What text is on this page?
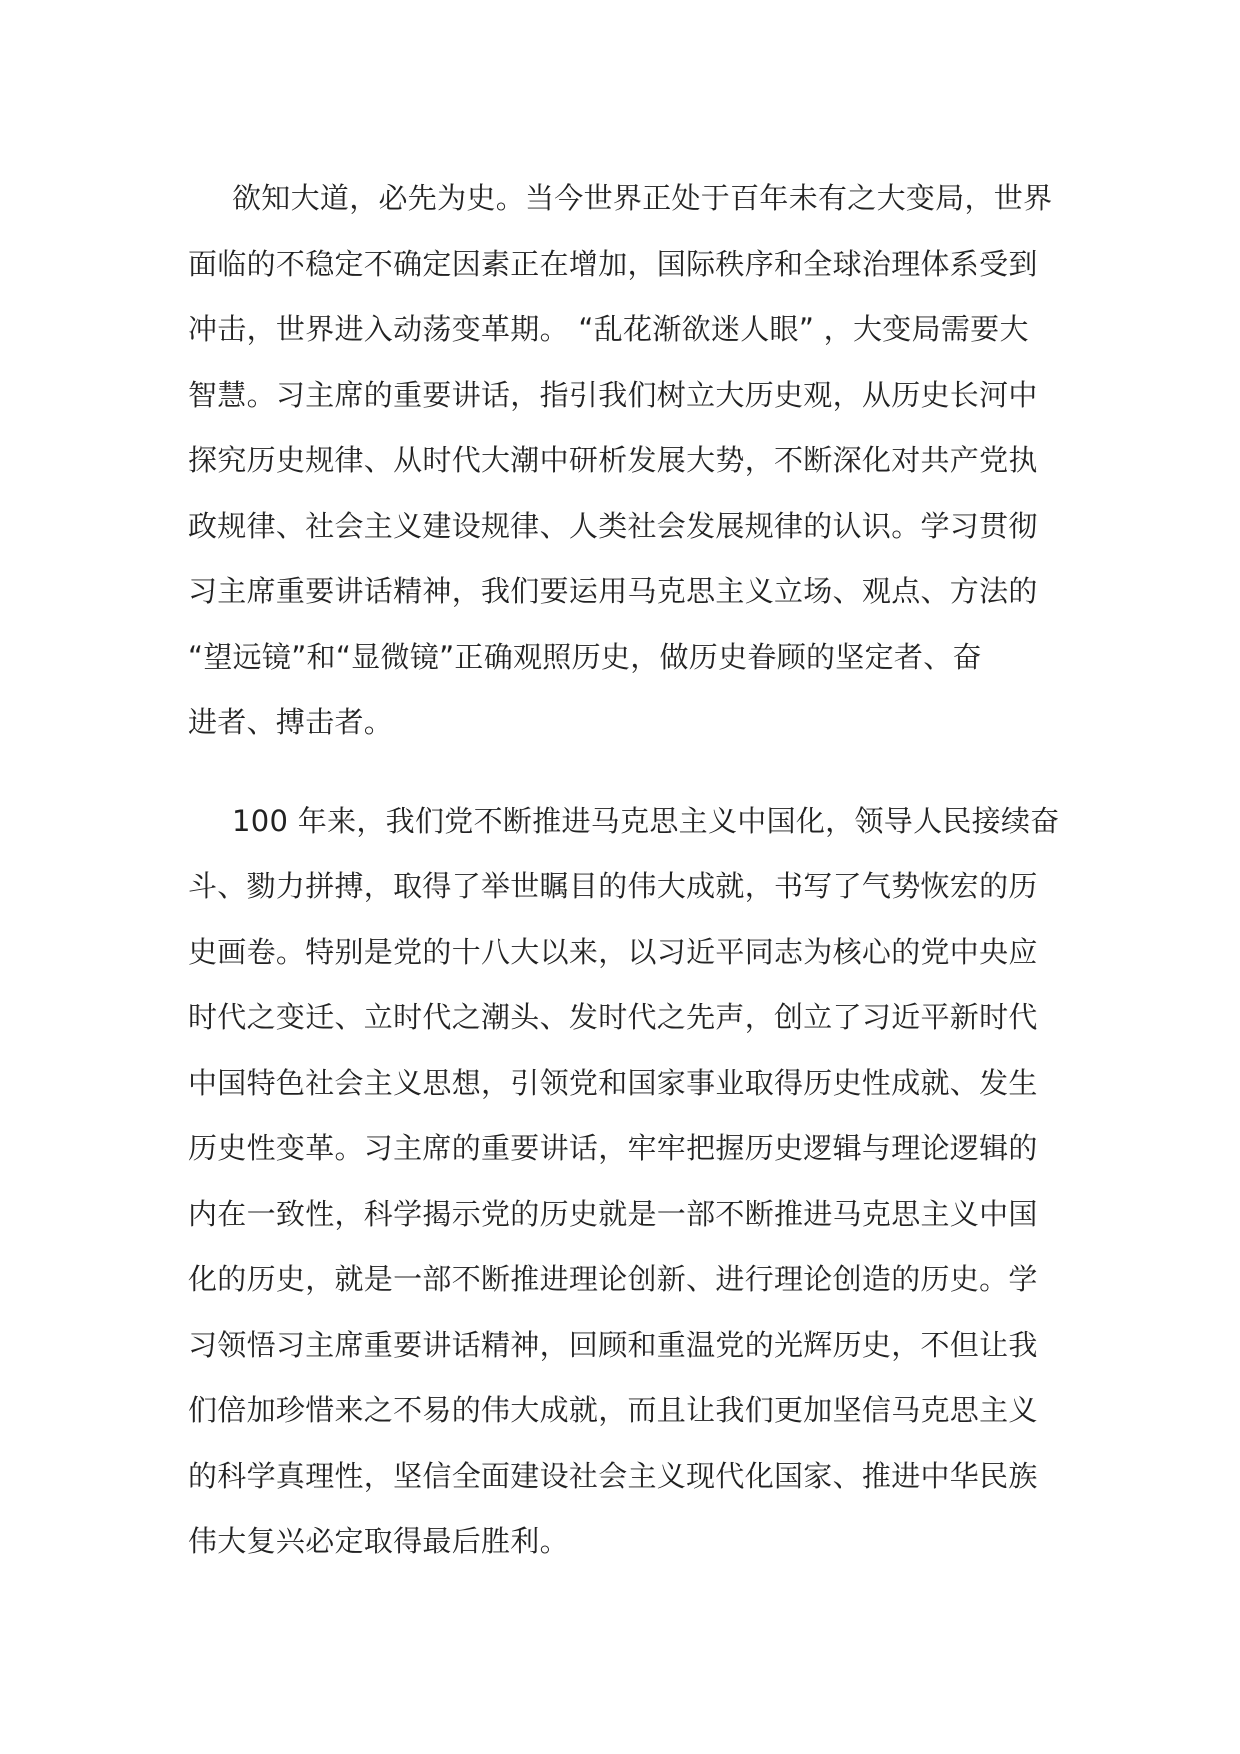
欲知大道，必先为史。当今世界正处于百年未有之大变局，世界
面临的不稳定不确定因素正在增加，国际秩序和全球治理体系受到
冲击，世界进入动荡变革期。 “乱花渐欲迷人眼” ，大变局需要大
智慧。习主席的重要讲话，指引我们树立大历史观，从历史长河中
探究历史规律、从时代大潮中研析发展大势，不断深化对共产党执
政规律、社会主义建设规律、人类社会发展规律的认识。学习贯彻
习主席重要讲话精神，我们要运用马克思主义立场、观点、方法的
“望远镜”和“显微镜”正确观照历史，做历史眷顾的坚定者、奋
进者、搏击者。
100 年来，我们党不断推进马克思主义中国化，领导人民接续奋
斗、勠力拼搏，取得了举世瞩目的伟大成就，书写了气势恢宏的历
史画卷。特别是党的十八大以来，以习近平同志为核心的党中央应
时代之变迁、立时代之潮头、发时代之先声，创立了习近平新时代
中国特色社会主义思想，引领党和国家事业取得历史性成就、发生
历史性变革。习主席的重要讲话，牢牢把握历史逻辑与理论逻辑的
内在一致性，科学揭示党的历史就是一部不断推进马克思主义中国
化的历史，就是一部不断推进理论创新、进行理论创造的历史。学
习领悟习主席重要讲话精神，回顾和重温党的光辉历史，不但让我
们倍加珍惜来之不易的伟大成就，而且让我们更加坚信马克思主义
的科学真理性，坚信全面建设社会主义现代化国家、推进中华民族
伟大复兴必定取得最后胜利。
